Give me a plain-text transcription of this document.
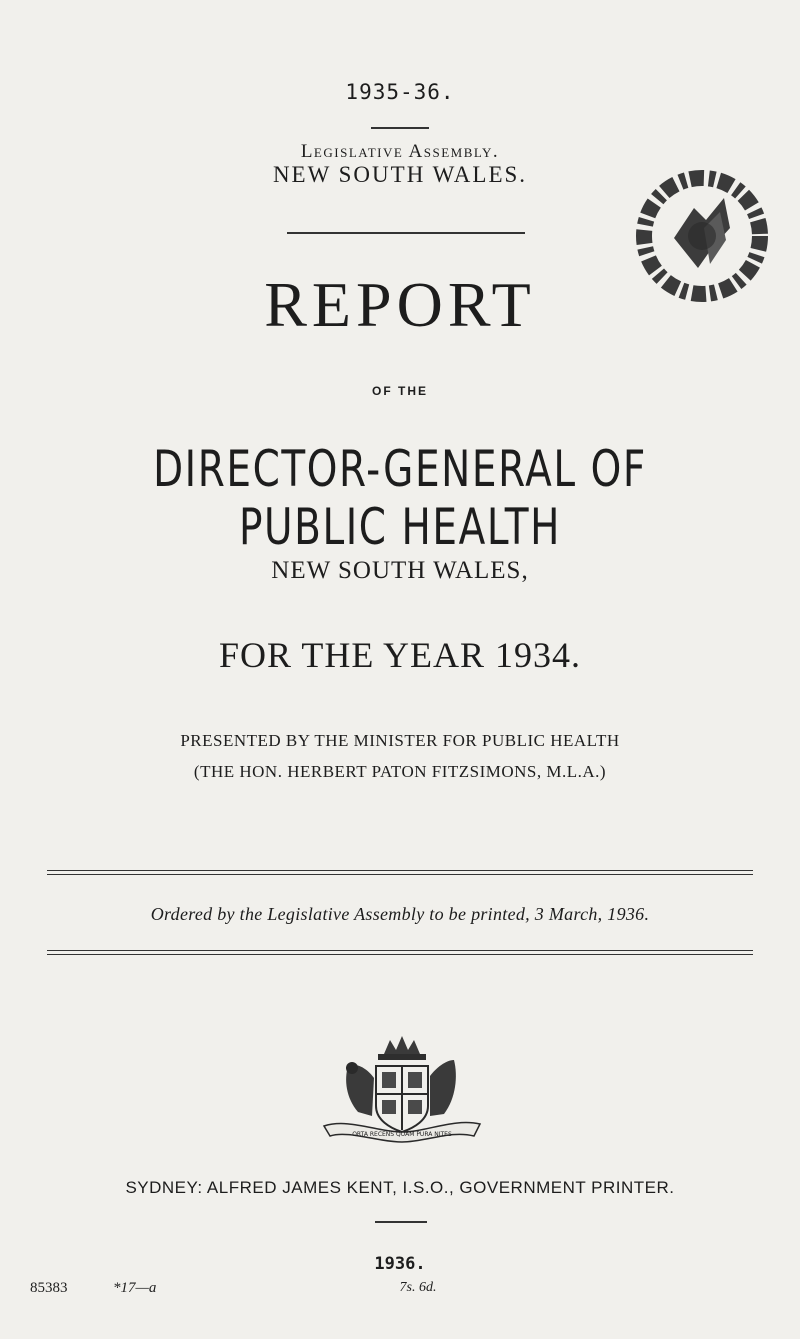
1935-36.
Legislative Assembly.
NEW SOUTH WALES.
REPORT
OF THE
DIRECTOR-GENERAL OF PUBLIC HEALTH
NEW SOUTH WALES,
FOR THE YEAR 1934.
PRESENTED BY THE MINISTER FOR PUBLIC HEALTH
(THE HON. HERBERT PATON FITZSIMONS, M.L.A.)
Ordered by the Legislative Assembly to be printed, 3 March, 1936.
ORTA RECENS QUAM PURA NITES
SYDNEY: ALFRED JAMES KENT, I.S.O., GOVERNMENT PRINTER.
1936.
85383	*17—a	7s. 6d.
